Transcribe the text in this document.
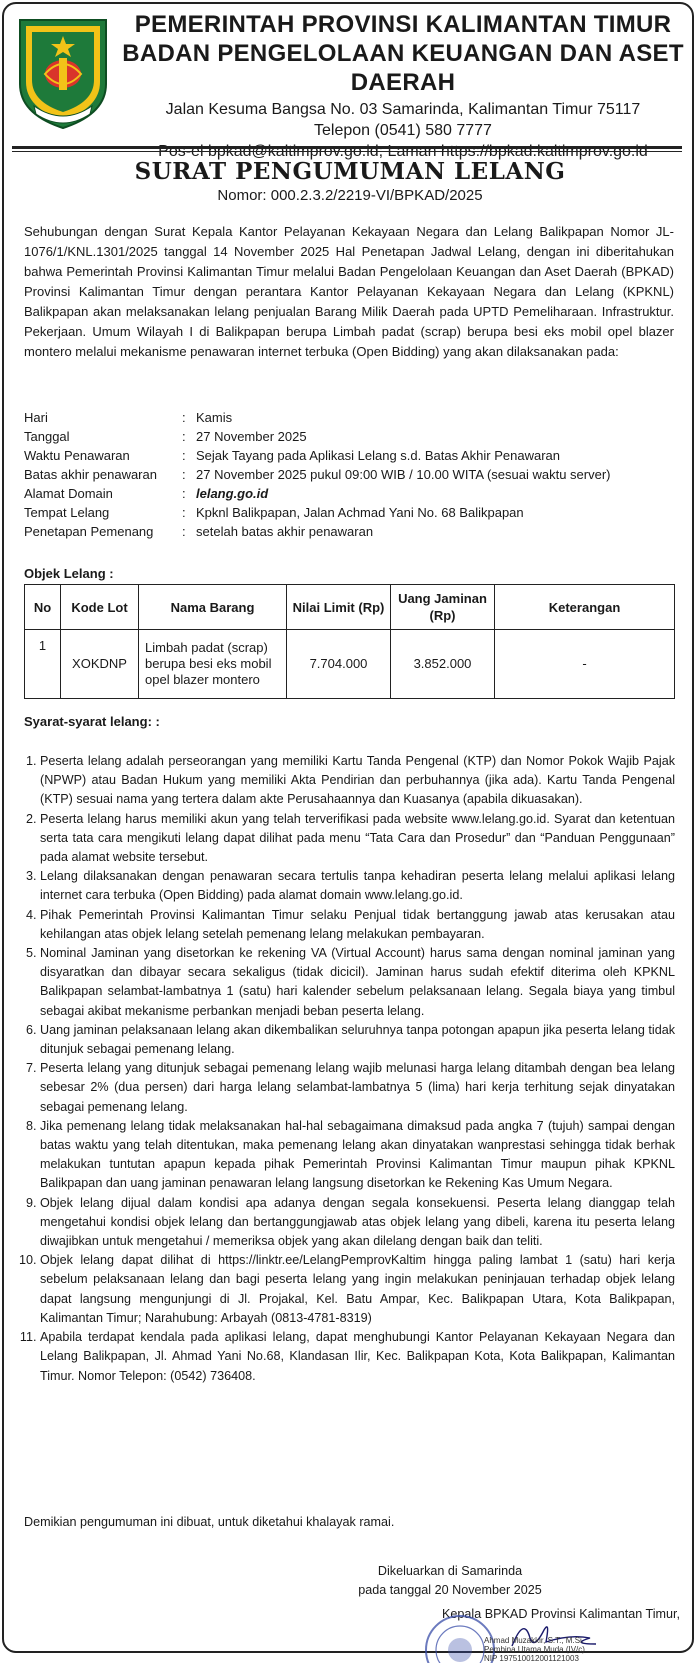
PEMERINTAH PROVINSI KALIMANTAN TIMUR
BADAN PENGELOLAAN KEUANGAN DAN ASET DAERAH
Jalan Kesuma Bangsa No. 03 Samarinda, Kalimantan Timur 75117
Telepon (0541) 580 7777
Pos-el bpkad@kaltimprov.go.id; Laman https://bpkad.kaltimprov.go.id
SURAT PENGUMUMAN LELANG
Nomor: 000.2.3.2/2219-VI/BPKAD/2025
Sehubungan dengan Surat Kepala Kantor Pelayanan Kekayaan Negara dan Lelang Balikpapan Nomor JL-1076/1/KNL.1301/2025 tanggal 14 November 2025 Hal Penetapan Jadwal Lelang, dengan ini diberitahukan bahwa Pemerintah Provinsi Kalimantan Timur melalui Badan Pengelolaan Keuangan dan Aset Daerah (BPKAD) Provinsi Kalimantan Timur dengan perantara Kantor Pelayanan Kekayaan Negara dan Lelang (KPKNL) Balikpapan akan melaksanakan lelang penjualan Barang Milik Daerah pada UPTD Pemeliharaan. Infrastruktur. Pekerjaan. Umum Wilayah I di Balikpapan berupa Limbah padat (scrap) berupa besi eks mobil opel blazer montero melalui mekanisme penawaran internet terbuka (Open Bidding) yang akan dilaksanakan pada:
Hari	: Kamis
Tanggal	: 27 November 2025
Waktu Penawaran	: Sejak Tayang pada Aplikasi Lelang s.d. Batas Akhir Penawaran
Batas akhir penawaran	: 27 November 2025 pukul 09:00 WIB / 10.00 WITA (sesuai waktu server)
Alamat Domain	: lelang.go.id
Tempat Lelang	: Kpknl Balikpapan, Jalan Achmad Yani No. 68 Balikpapan
Penetapan Pemenang	: setelah batas akhir penawaran
Objek Lelang :
No	Kode Lot	Nama Barang	Nilai Limit (Rp)	Uang Jaminan (Rp)	Keterangan
1	XOKDNP	Limbah padat (scrap) berupa besi eks mobil opel blazer montero	7.704.000	3.852.000	-
Syarat-syarat lelang: :
1. Peserta lelang adalah perseorangan yang memiliki Kartu Tanda Pengenal (KTP) dan Nomor Pokok Wajib Pajak (NPWP) atau Badan Hukum yang memiliki Akta Pendirian dan perbuhannya (jika ada). Kartu Tanda Pengenal (KTP) sesuai nama yang tertera dalam akte Perusahaannya dan Kuasanya (apabila dikuasakan).
2. Peserta lelang harus memiliki akun yang telah terverifikasi pada website www.lelang.go.id. Syarat dan ketentuan serta tata cara mengikuti lelang dapat dilihat pada menu “Tata Cara dan Prosedur” dan “Panduan Penggunaan” pada alamat website tersebut.
3. Lelang dilaksanakan dengan penawaran secara tertulis tanpa kehadiran peserta lelang melalui aplikasi lelang internet cara terbuka (Open Bidding) pada alamat domain www.lelang.go.id.
4. Pihak Pemerintah Provinsi Kalimantan Timur selaku Penjual tidak bertanggung jawab atas kerusakan atau kehilangan atas objek lelang setelah pemenang lelang melakukan pembayaran.
5. Nominal Jaminan yang disetorkan ke rekening VA (Virtual Account) harus sama dengan nominal jaminan yang disyaratkan dan dibayar secara sekaligus (tidak dicicil). Jaminan harus sudah efektif diterima oleh KPKNL Balikpapan selambat-lambatnya 1 (satu) hari kalender sebelum pelaksanaan lelang. Segala biaya yang timbul sebagai akibat mekanisme perbankan menjadi beban peserta lelang.
6. Uang jaminan pelaksanaan lelang akan dikembalikan seluruhnya tanpa potongan apapun jika peserta lelang tidak ditunjuk sebagai pemenang lelang.
7. Peserta lelang yang ditunjuk sebagai pemenang lelang wajib melunasi harga lelang ditambah dengan bea lelang sebesar 2% (dua persen) dari harga lelang selambat-lambatnya 5 (lima) hari kerja terhitung sejak dinyatakan sebagai pemenang lelang.
8. Jika pemenang lelang tidak melaksanakan hal-hal sebagaimana dimaksud pada angka 7 (tujuh) sampai dengan batas waktu yang telah ditentukan, maka pemenang lelang akan dinyatakan wanprestasi sehingga tidak berhak melakukan tuntutan apapun kepada pihak Pemerintah Provinsi Kalimantan Timur maupun pihak KPKNL Balikpapan dan uang jaminan penawaran lelang langsung disetorkan ke Rekening Kas Umum Negara.
9. Objek lelang dijual dalam kondisi apa adanya dengan segala konsekuensi. Peserta lelang dianggap telah mengetahui kondisi objek lelang dan bertanggungjawab atas objek lelang yang dibeli, karena itu peserta lelang diwajibkan untuk mengetahui / memeriksa objek yang akan dilelang dengan baik dan teliti.
10. Objek lelang dapat dilihat di https://linktr.ee/LelangPemprovKaltim hingga paling lambat 1 (satu) hari kerja sebelum pelaksanaan lelang dan bagi peserta lelang yang ingin melakukan peninjauan terhadap objek lelang dapat langsung mengunjungi di Jl. Projakal, Kel. Batu Ampar, Kec. Balikpapan Utara, Kota Balikpapan, Kalimantan Timur; Narahubung: Arbayah (0813-4781-8319)
11. Apabila terdapat kendala pada aplikasi lelang, dapat menghubungi Kantor Pelayanan Kekayaan Negara dan Lelang Balikpapan, Jl. Ahmad Yani No.68, Klandasan Ilir, Kec. Balikpapan Kota, Kota Balikpapan, Kalimantan Timur. Nomor Telepon: (0542) 736408.
Demikian pengumuman ini dibuat, untuk diketahui khalayak ramai.
Dikeluarkan di Samarinda
pada tanggal 20 November 2025
Kepala BPKAD Provinsi Kalimantan Timur,
Ahmad Muzakkir, S.T., M.Si.
Pembina Utama Muda (IV/c)
NIP 197510012001121003
